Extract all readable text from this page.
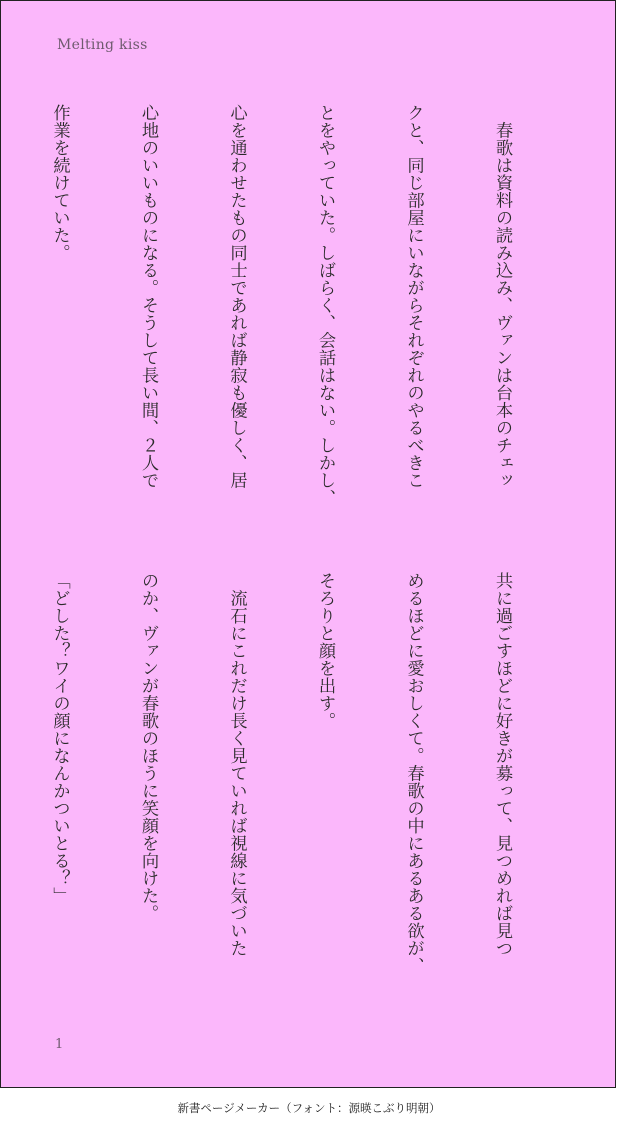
Melting kiss

　春歌は資料の読み込み、ヴァンは台本のチェッ

クと、同じ部屋にいながらそれぞれのやるべきこ

とをやっていた。しばらく、会話はない。しかし、

心を通わせたもの同士であれば静寂も優しく、居

心地のいいものになる。そうして長い間、２人で

作業を続けていた。

共に過ごすほどに好きが募って、見つめれば見つ

めるほどに愛おしくて。春歌の中にあるある欲が、

そろりと顔を出す。

　流石にこれだけ長く見ていれば視線に気づいた

のか、ヴァンが春歌のほうに笑顔を向けた。

「どした？ワイの顔になんかついとる？」

1
新書ページメーカー（フォント：源暎こぶり明朝）
